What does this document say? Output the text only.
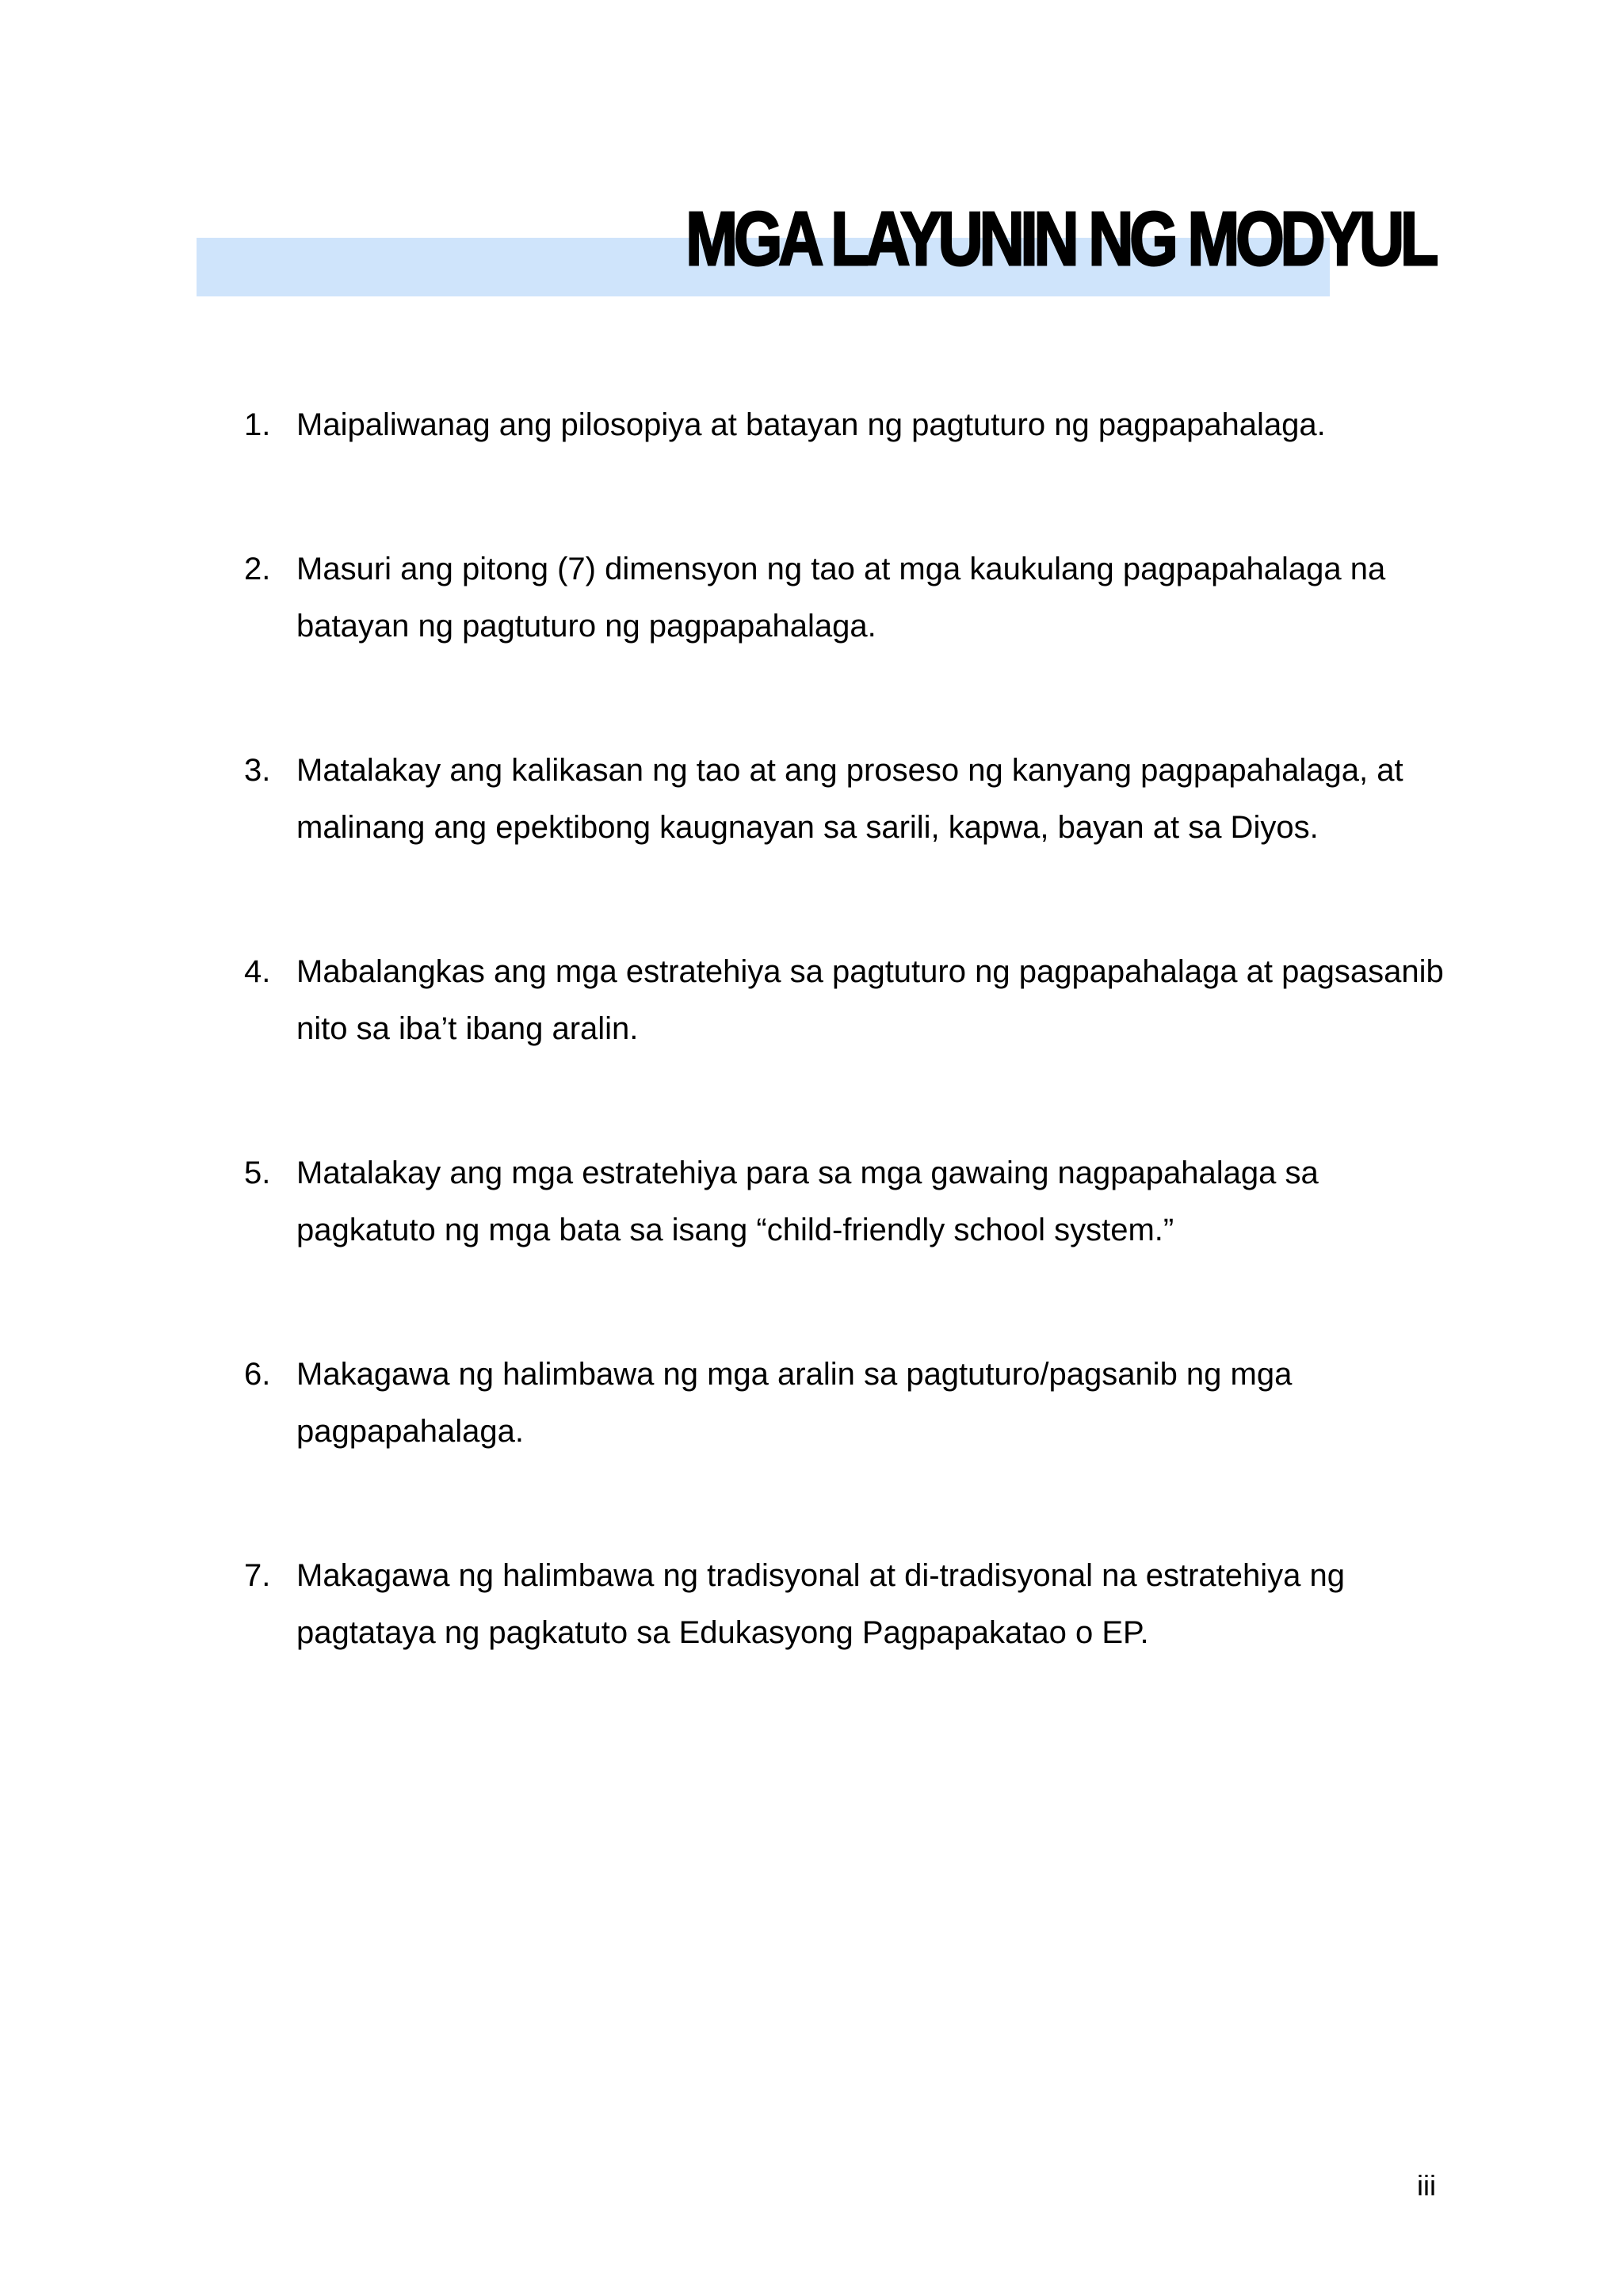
MGA LAYUNIN NG MODYUL
1. Maipaliwanag ang pilosopiya at batayan ng pagtuturo ng pagpapahalaga.
2. Masuri ang pitong (7) dimensyon ng tao at mga kaukulang pagpapahalaga na batayan ng pagtuturo ng pagpapahalaga.
3. Matalakay ang kalikasan ng tao at ang proseso ng kanyang pagpapahalaga, at malinang ang epektibong kaugnayan sa sarili, kapwa, bayan at sa Diyos.
4. Mabalangkas ang mga estratehiya sa pagtuturo ng pagpapahalaga at pagsasanib nito sa iba’t ibang aralin.
5. Matalakay ang mga estratehiya para sa mga gawaing nagpapahalaga sa pagkatuto ng mga bata sa isang “child-friendly school system.”
6. Makagawa ng halimbawa ng mga aralin sa pagtuturo/pagsanib ng mga pagpapahalaga.
7. Makagawa ng halimbawa ng tradisyonal at di-tradisyonal na estratehiya ng pagtataya ng pagkatuto sa Edukasyong Pagpapakatao o EP.
iii
